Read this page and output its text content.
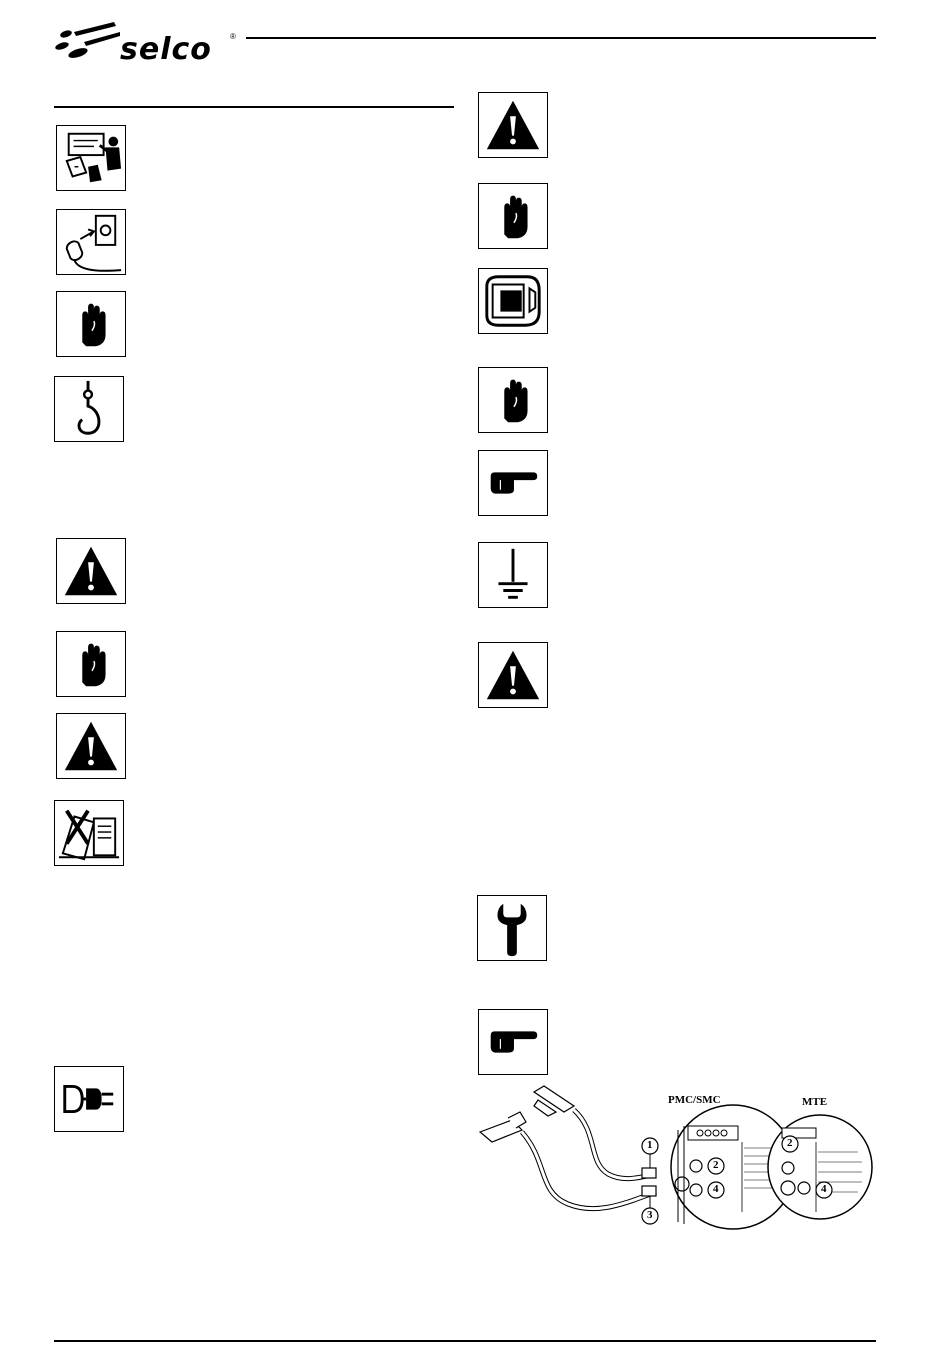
selco ®
PMC/SMC	MTE
1
2
3
4
2
4
